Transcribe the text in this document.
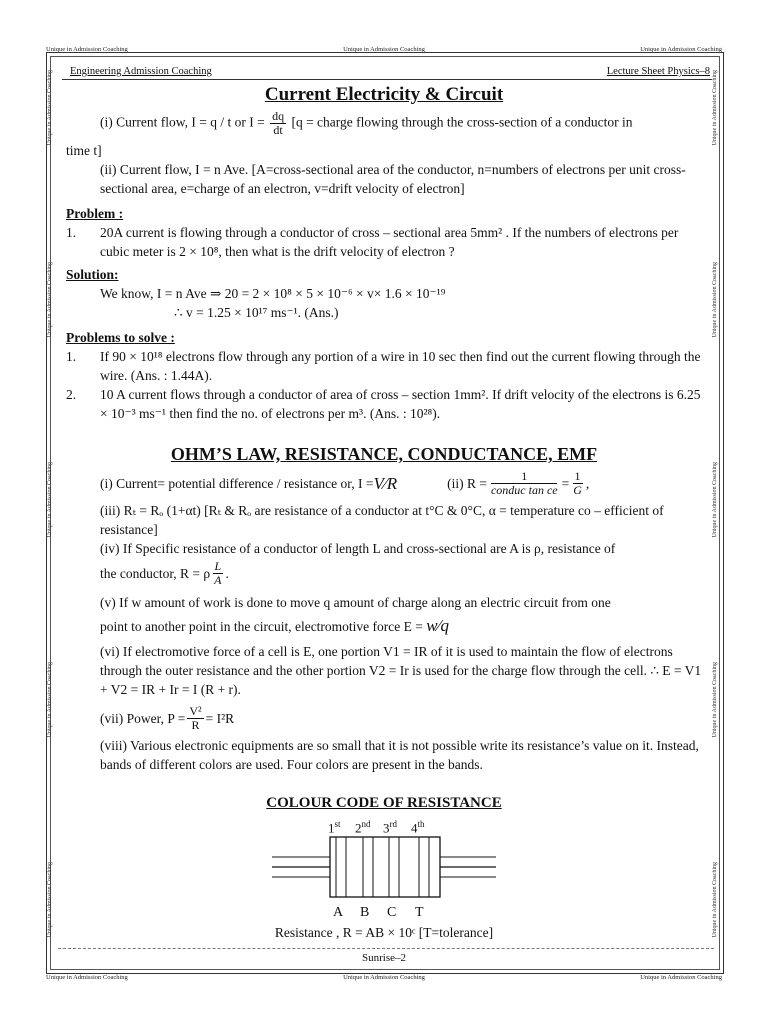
Unique in Admission Coaching	Unique in Admission Coaching	Unique in Admission Coaching
Unique in Admission Coaching	Unique in Admission Coaching	Unique in Admission Coaching
Unique in Admission Coaching
Unique in Admission Coaching
Unique in Admission Coaching
Unique in Admission Coaching
Unique in Admission Coaching
Unique in Admission Coaching
Unique in Admission Coaching
Unique in Admission Coaching
Unique in Admission Coaching
Unique in Admission Coaching
Engineering Admission Coaching	Lecture Sheet Physics–8
Current Electricity & Circuit

(i) Current flow, I = q / t or $I = \frac{dq}{dt} [q$ = charge flowing through the cross-section of a conductor in

time t]

(ii) Current flow, I = n Ave. [A=cross-sectional area of the conductor, n=numbers of electrons per unit cross-sectional area, e=charge of an electron, v=drift velocity of electron]

Problem :
1.	20A current is flowing through a conductor of cross – sectional area 5mm² . If the numbers of electrons per cubic meter is 2 × 10⁸, then what is the drift velocity of electron ?
Solution:

We know, I = n Ave ⇒ 20 = 2 × 10⁸ × 5 × 10⁻⁶ × v× 1.6 × 10⁻¹⁹

∴ v = 1.25 × 10¹⁷ ms⁻¹. (Ans.)

Problems to solve :
1.	If 90 × 10¹⁸ electrons flow through any portion of a wire in 10 sec then find out the current flowing through the wire. (Ans. : 1.44A).
2.	10 A current flows through a conductor of area of cross – section 1mm². If drift velocity of the electrons is 6.25 × 10⁻³ ms⁻¹ then find the no. of electrons per m³. (Ans. : 10²⁸).
OHM’S LAW, RESISTANCE, CONDUCTANCE, EMF

(i) Current= potential difference / resistance or, I = V⁄R	(ii) $R = \frac{1}{\text{conduc tan ce}} = \frac{1}{G}$ ,

(iii) Rₜ = Rₒ (1+αt) [Rₜ & Rₒ are resistance of a conductor at t°C & 0°C, α = temperature co – efficient of resistance]

(iv) If Specific resistance of a conductor of length L and cross-sectional are A is ρ, resistance of

the conductor, R = ρ $\frac{L}{A}$ .

(v) If w amount of work is done to move q amount of charge along an electric circuit from one

point to another point in the circuit, electromotive force E = w⁄q

(vi) If electromotive force of a cell is E, one portion V1 = IR of it is used to maintain the flow of electrons through the outer resistance and the other portion V2 = Ir is used for the charge flow through the cell. ∴ E = V1 + V2 = IR + Ir = I (R + r).

(vii) Power, $P = \frac{\text{V²}}{R} = I^2R$

(viii) Various electronic equipments are so small that it is not possible write its resistance’s value on it. Instead, bands of different colors are used. Four colors are present in the bands.

COLOUR CODE OF RESISTANCE
1st 2nd 3rd 4th
A B C T
Resistance , R = AB × 10ᶜ [T=tolerance]
Sunrise–2
